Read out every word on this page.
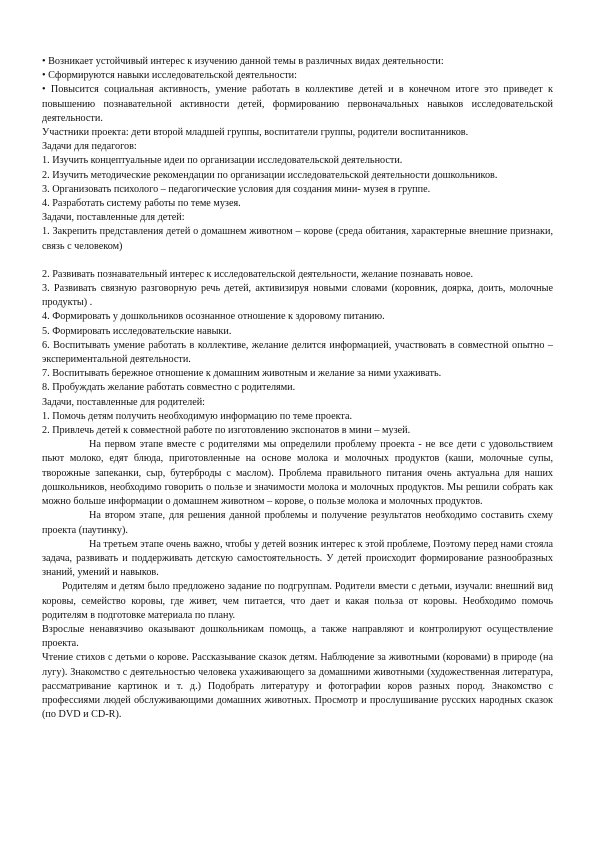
• Возникает устойчивый интерес к изучению данной темы в различных видах деятельности:

• Сформируются навыки исследовательской деятельности:

• Повысится социальная активность, умение работать в коллективе детей и в конечном итоге это приведет к повышению познавательной активности детей, формированию первоначальных навыков исследовательской деятельности.

Участники проекта: дети второй младшей группы, воспитатели группы, родители воспитанников.

Задачи для педагогов:

1. Изучить концептуальные идеи по организации исследовательской деятельности.

2. Изучить методические рекомендации по организации исследовательской деятельности дошкольников.

3. Организовать психолого – педагогические условия для создания мини- музея в группе.

4. Разработать систему работы по теме музея.

Задачи, поставленные для детей:

1. Закрепить представления детей о домашнем животном – корове (среда обитания, характерные внешние признаки, связь с человеком)

2. Развивать познавательный интерес к исследовательской деятельности, желание познавать новое.

3. Развивать связную разговорную речь детей, активизируя новыми словами (коровник, доярка, доить, молочные продукты) .

4. Формировать у дошкольников осознанное отношение к здоровому питанию.

5. Формировать исследовательские навыки.

6. Воспитывать умение работать в коллективе, желание делится информацией, участвовать в совместной опытно – экспериментальной деятельности.

7. Воспитывать бережное отношение к домашним животным и желание за ними ухаживать.

8. Пробуждать желание работать совместно с родителями.

Задачи, поставленные для родителей:

1. Помочь детям получить необходимую информацию по теме проекта.

2. Привлечь детей к совместной работе по изготовлению экспонатов в мини – музей.

На первом этапе вместе с родителями мы определили проблему проекта - не все дети с удовольствием пьют молоко, едят блюда, приготовленные на основе молока и молочных продуктов (каши, молочные супы, творожные запеканки, сыр, бутерброды с маслом). Проблема правильного питания очень актуальна для наших дошкольников, необходимо говорить о пользе и значимости молока и молочных продуктов. Мы решили собрать как можно больше информации о домашнем животном – корове, о пользе молока и молочных продуктов.

На втором этапе, для решения данной проблемы и получение результатов необходимо составить схему проекта (паутинку).

На третьем этапе очень важно, чтобы у детей возник интерес к этой проблеме, Поэтому перед нами стояла задача, развивать и поддерживать детскую самостоятельность. У детей происходит формирование разнообразных знаний, умений и навыков.

Родителям и детям было предложено задание по подгруппам. Родители вмести с детьми, изучали: внешний вид коровы, семейство коровы, где живет, чем питается, что дает и какая польза от коровы. Необходимо помочь родителям в подготовке материала по плану.

Взрослые ненавязчиво оказывают дошкольникам помощь, а также направляют и контролируют осуществление проекта.

Чтение стихов с детьми о корове. Рассказывание сказок детям. Наблюдение за животными (коровами) в природе (на лугу). Знакомство с деятельностью человека ухаживающего за домашними животными (художественная литература, рассматривание картинок и т. д.) Подобрать литературу и фотографии коров разных пород. Знакомство с профессиями людей обслуживающими домашних животных. Просмотр и прослушивание русских народных сказок (по DVD и CD-R).
